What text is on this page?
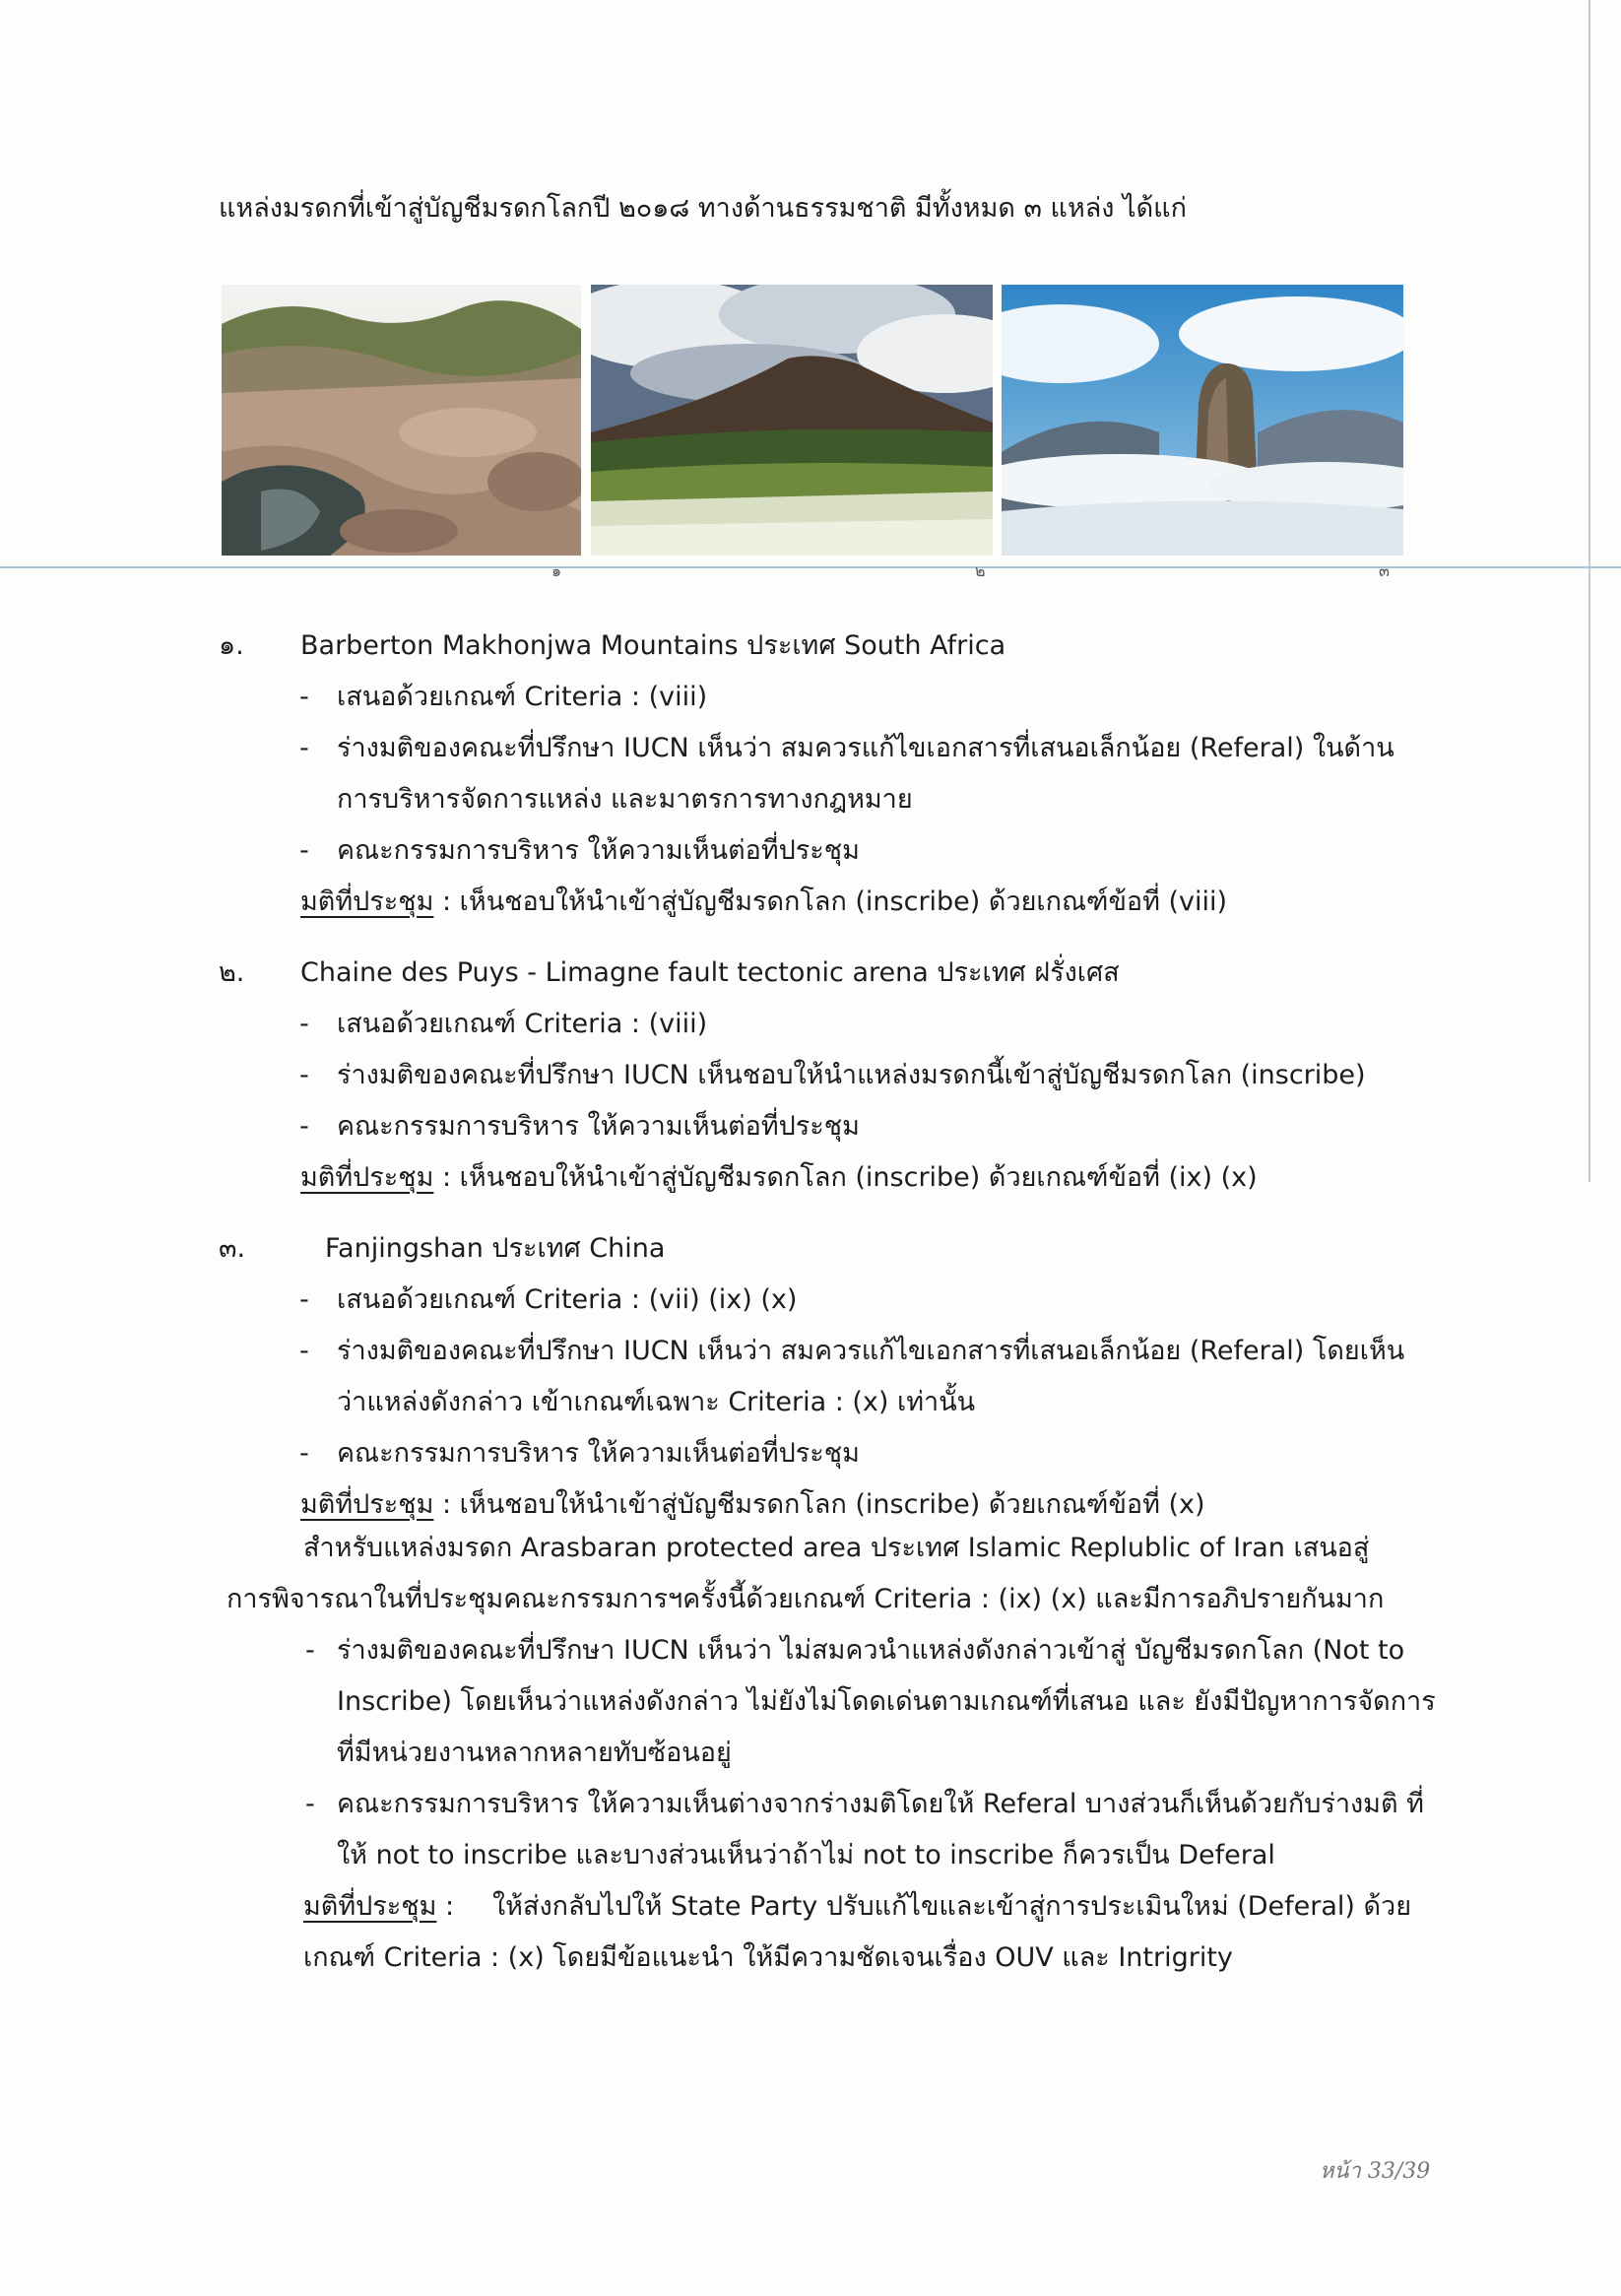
แหล่งมรดกที่เข้าสู่บัญชีมรดกโลกปี ๒๐๑๘ ทางด้านธรรมชาติ มีทั้งหมด ๓ แหล่ง ได้แก่
๑	๒	๓
๑. Barberton Makhonjwa Mountains ประเทศ South Africa
- เสนอด้วยเกณฑ์ Criteria : (viii)
- ร่างมติของคณะที่ปรึกษา IUCN เห็นว่า สมควรแก้ไขเอกสารที่เสนอเล็กน้อย (Referal) ในด้าน
การบริหารจัดการแหล่ง และมาตรการทางกฎหมาย
- คณะกรรมการบริหาร ให้ความเห็นต่อที่ประชุม
มติที่ประชุม : เห็นชอบให้นำเข้าสู่บัญชีมรดกโลก (inscribe) ด้วยเกณฑ์ข้อที่ (viii)
๒. Chaine des Puys - Limagne fault tectonic arena ประเทศ ฝรั่งเศส
- เสนอด้วยเกณฑ์ Criteria : (viii)
- ร่างมติของคณะที่ปรึกษา IUCN เห็นชอบให้นำแหล่งมรดกนี้เข้าสู่บัญชีมรดกโลก (inscribe)
- คณะกรรมการบริหาร ให้ความเห็นต่อที่ประชุม
มติที่ประชุม : เห็นชอบให้นำเข้าสู่บัญชีมรดกโลก (inscribe) ด้วยเกณฑ์ข้อที่ (ix) (x)
๓.	Fanjingshan ประเทศ China
- เสนอด้วยเกณฑ์ Criteria : (vii) (ix) (x)
- ร่างมติของคณะที่ปรึกษา IUCN เห็นว่า สมควรแก้ไขเอกสารที่เสนอเล็กน้อย (Referal) โดยเห็น
ว่าแหล่งดังกล่าว เข้าเกณฑ์เฉพาะ Criteria : (x) เท่านั้น
- คณะกรรมการบริหาร ให้ความเห็นต่อที่ประชุม
มติที่ประชุม : เห็นชอบให้นำเข้าสู่บัญชีมรดกโลก (inscribe) ด้วยเกณฑ์ข้อที่ (x)
สำหรับแหล่งมรดก Arasbaran protected area ประเทศ Islamic Replublic of Iran เสนอสู่
การพิจารณาในที่ประชุมคณะกรรมการฯครั้งนี้ด้วยเกณฑ์ Criteria : (ix) (x) และมีการอภิปรายกันมาก
- ร่างมติของคณะที่ปรึกษา IUCN เห็นว่า ไม่สมควนำแหล่งดังกล่าวเข้าสู่ บัญชีมรดกโลก (Not to
Inscribe) โดยเห็นว่าแหล่งดังกล่าว ไม่ยังไม่โดดเด่นตามเกณฑ์ที่เสนอ และ ยังมีปัญหาการจัดการ
ที่มีหน่วยงานหลากหลายทับซ้อนอยู่
- คณะกรรมการบริหาร ให้ความเห็นต่างจากร่างมติโดยให้ Referal บางส่วนก็เห็นด้วยกับร่างมติ ที่
ให้ not to inscribe และบางส่วนเห็นว่าถ้าไม่ not to inscribe ก็ควรเป็น Deferal
มติที่ประชุม : ให้ส่งกลับไปให้ State Party ปรับแก้ไขและเข้าสู่การประเมินใหม่ (Deferal) ด้วย
เกณฑ์ Criteria : (x) โดยมีข้อแนะนำ ให้มีความชัดเจนเรื่อง OUV และ Intrigrity
หน้า 33/39
